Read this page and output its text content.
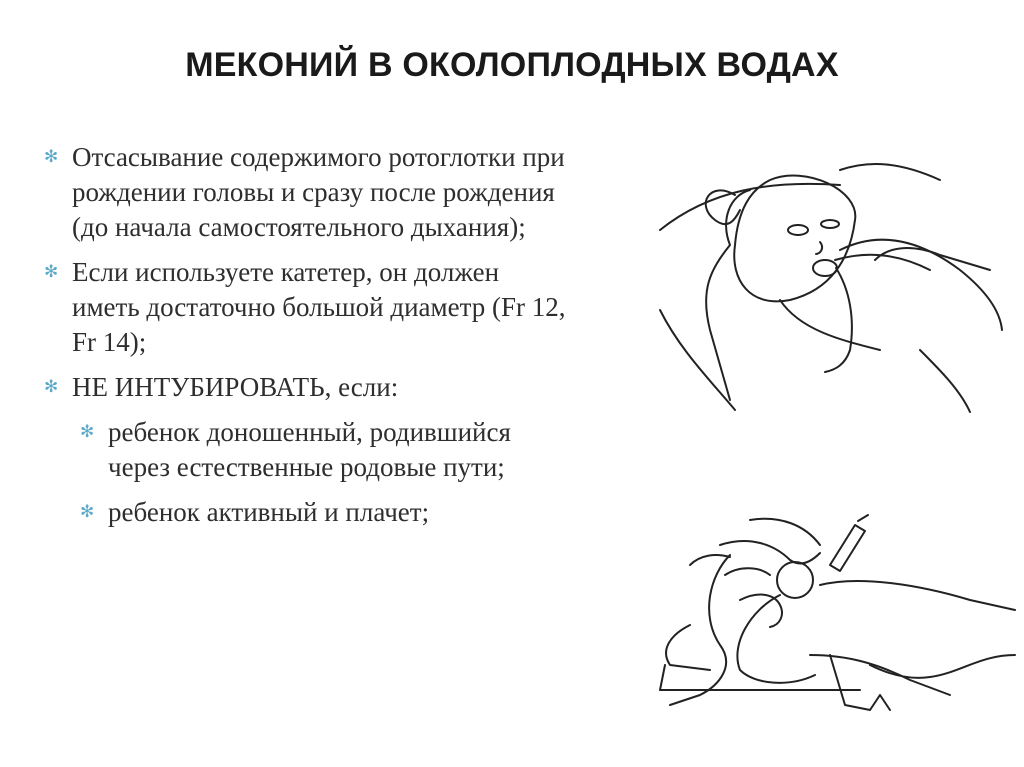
МЕКОНИЙ В ОКОЛОПЛОДНЫХ ВОДАХ
✻ Отсасывание содержимого ротоглотки при рождении головы и сразу после рождения (до начала самостоятельного дыхания);
✻ Если используете катетер, он должен иметь достаточно большой диаметр (Fr 12, Fr 14);
✻ НЕ ИНТУБИРОВАТЬ, если:
✻ ребенок доношенный, родившийся через естественные родовые пути;
✻ ребенок активный и плачет;
